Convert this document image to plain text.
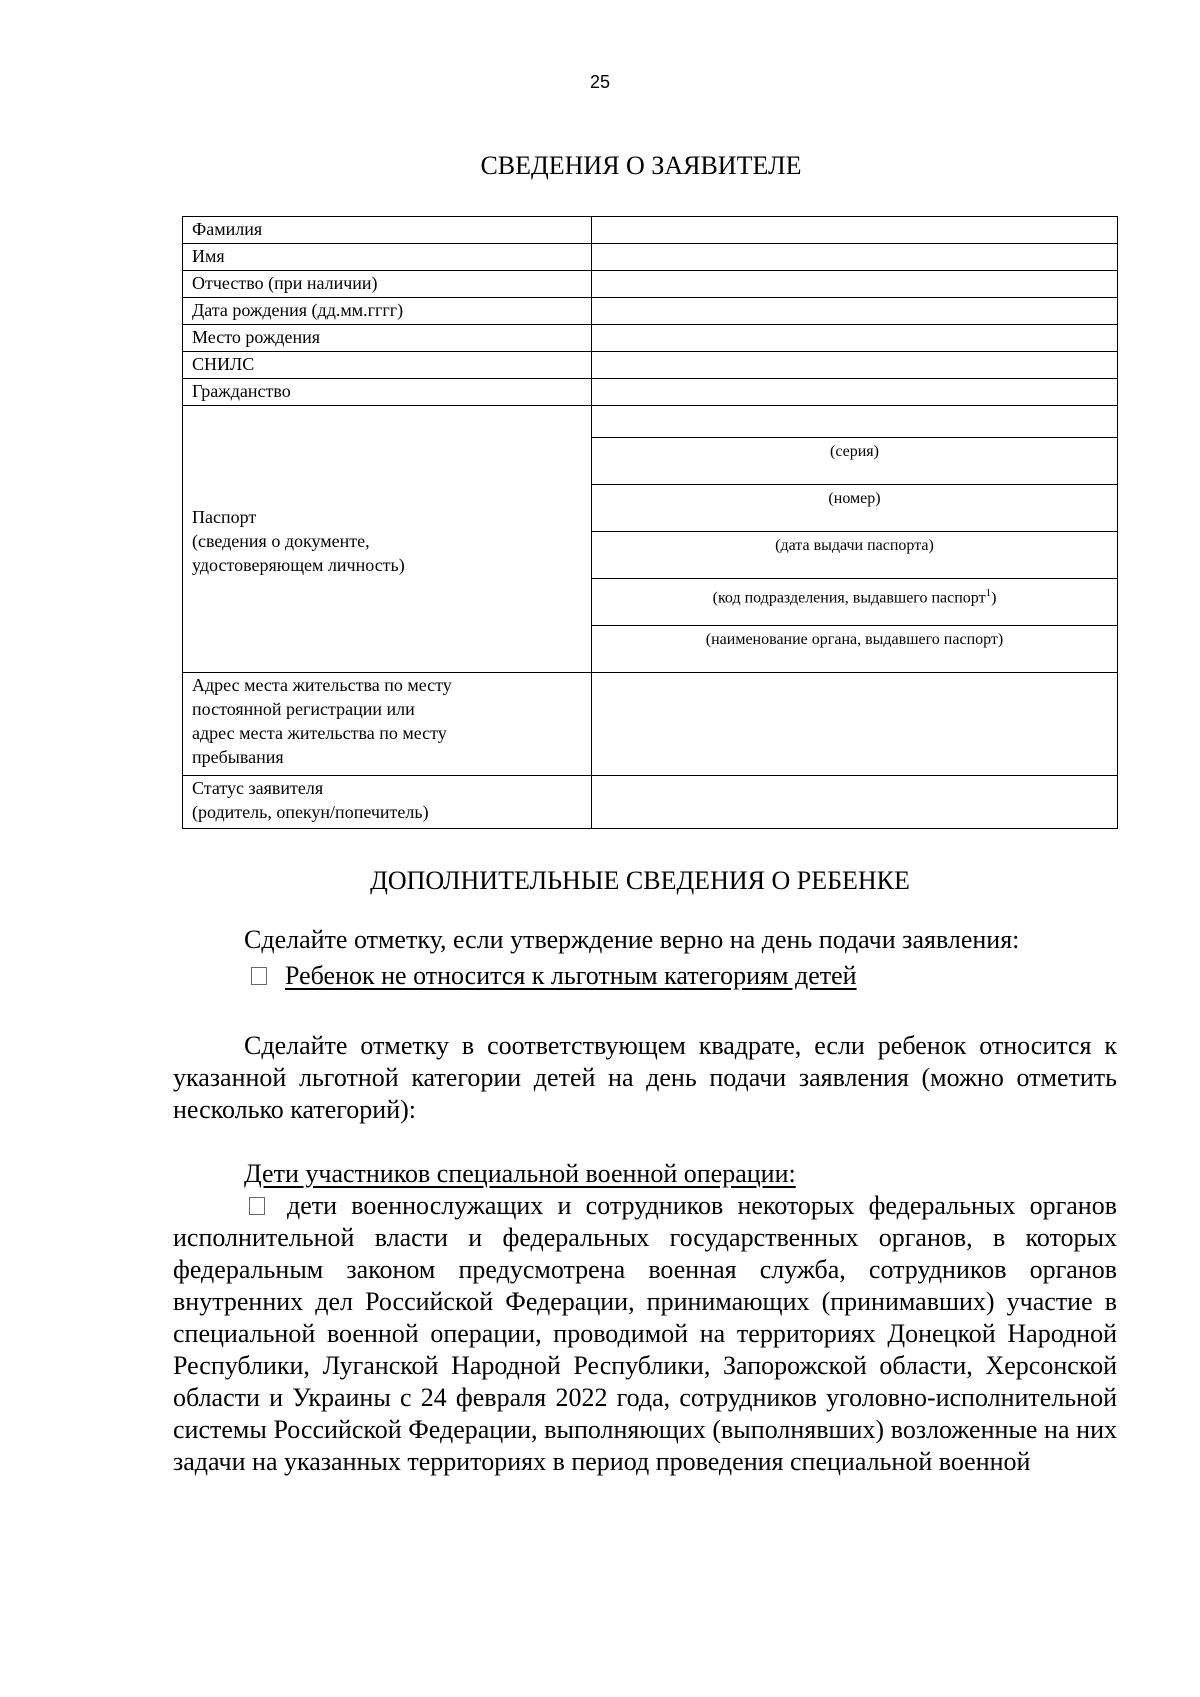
25
СВЕДЕНИЯ О ЗАЯВИТЕЛЕ
Фамилия	
Имя	
Отчество (при наличии)	
Дата рождения (дд.мм.гггг)	
Место рождения	
СНИЛС	
Гражданство	

Паспорт
(сведения о документе,
удостоверяющем личность)	

	(серия)
	(номер)
	(дата выдачи паспорта)
	(код подразделения, выдавшего паспорт$^1$)
	(наименование органа, выдавшего паспорт)

Адрес места жительства по месту
постоянной регистрации или
адрес места жительства по месту
пребывания	

Статус заявителя
(родитель, опекун/попечитель)	

ДОПОЛНИТЕЛЬНЫЕ СВЕДЕНИЯ О РЕБЕНКЕ
Сделайте отметку, если утверждение верно на день подачи заявления:
Ребенок не относится к льготным категориям детей
Сделайте отметку в соответствующем квадрате, если ребенок относится к указанной льготной категории детей на день подачи заявления (можно отметить несколько категорий):
Дети участников специальной военной операции:
дети военнослужащих и сотрудников некоторых федеральных органов исполнительной власти и федеральных государственных органов, в которых федеральным законом предусмотрена военная служба, сотрудников органов внутренних дел Российской Федерации, принимающих (принимавших) участие в специальной военной операции, проводимой на территориях Донецкой Народной Республики, Луганской Народной Республики, Запорожской области, Херсонской области и Украины с 24 февраля 2022 года, сотрудников уголовно-исполнительной системы Российской Федерации, выполняющих (выполнявших) возложенные на них задачи на указанных территориях в период проведения специальной военной
